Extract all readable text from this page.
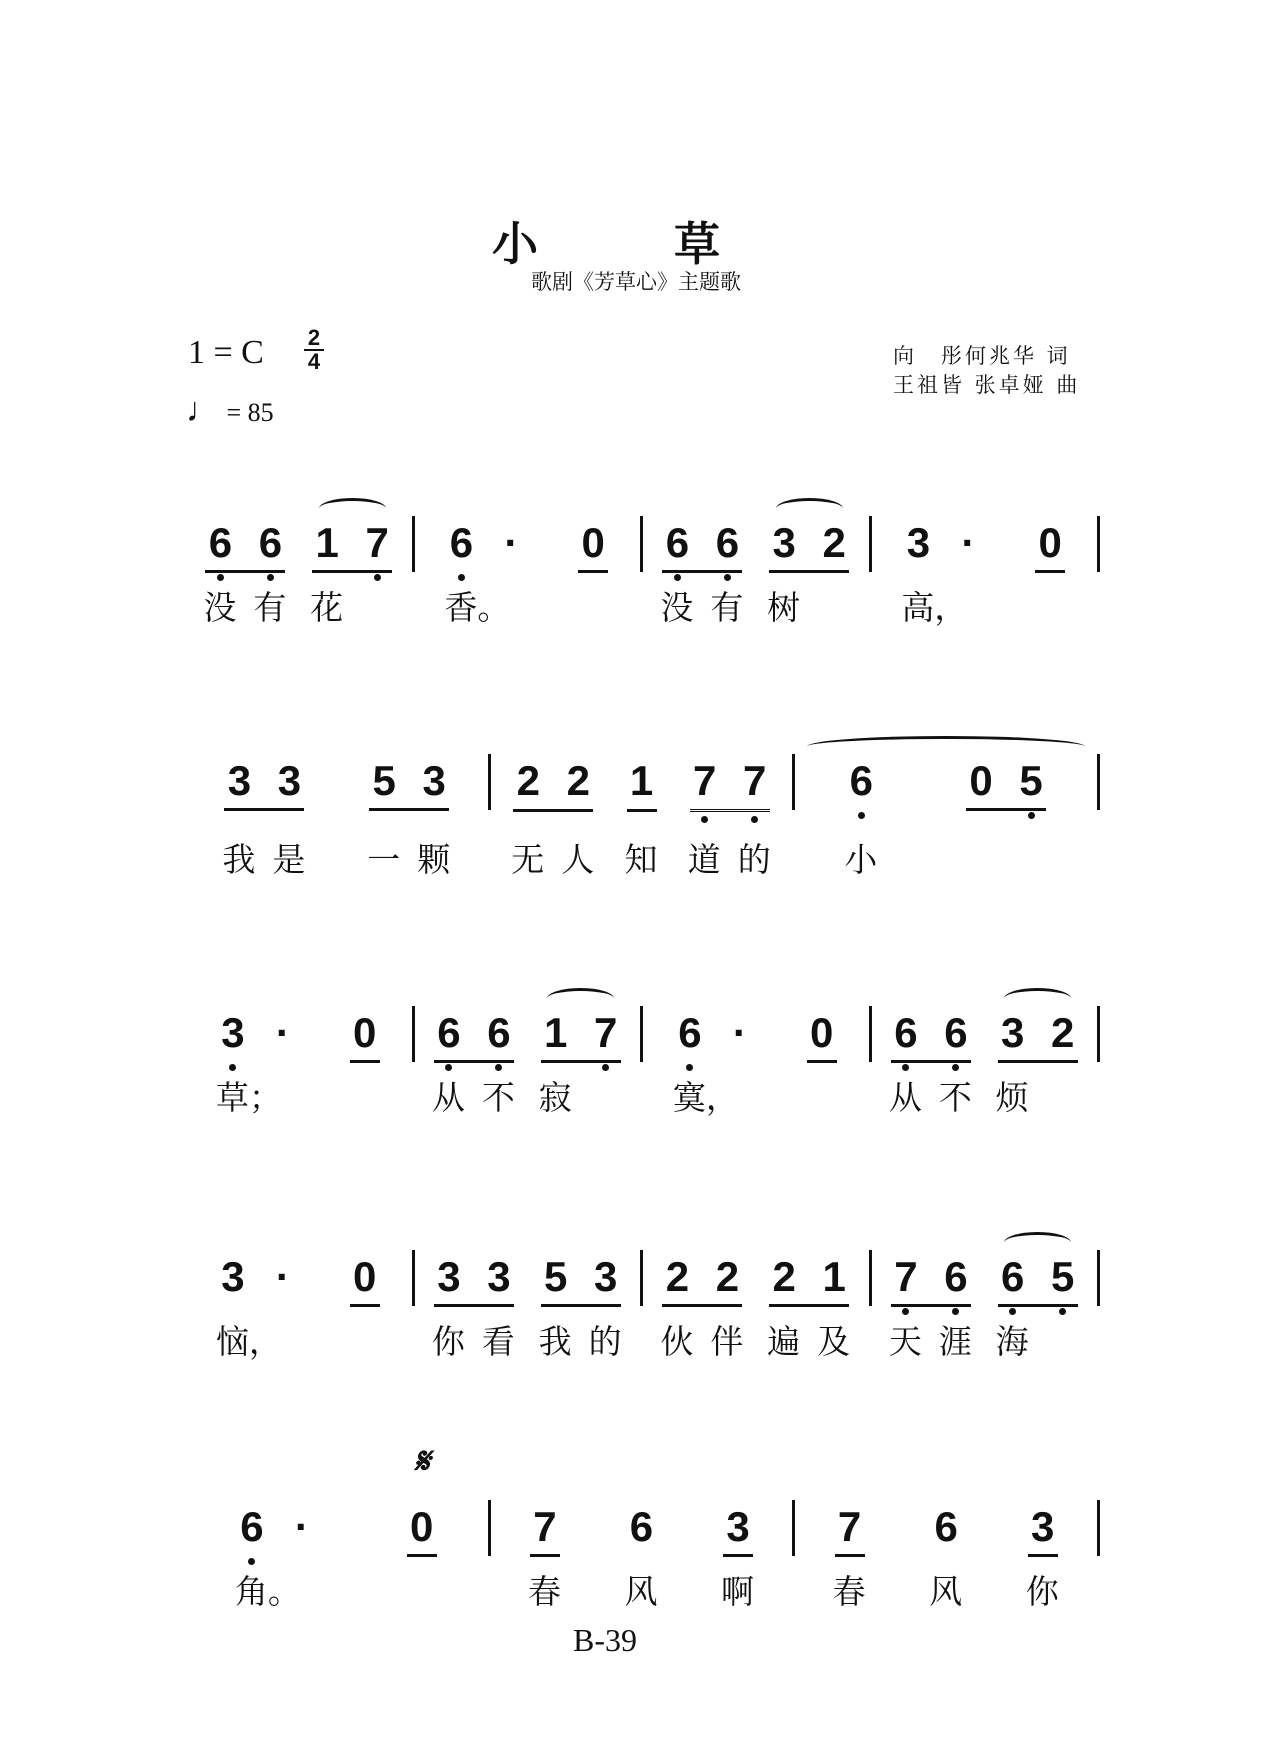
小 草
歌剧《芳草心》主题歌
1 = C 2
4
♩ = 85
向　彤何兆华 词
王祖皆 张卓娅 曲
6
没
6
有
1
花
7 6
香。
· 0 6
没
6
有
3
树
2 3
高，
· 0
3
我
3
是
5
一
3
颗
2
无
2
人
1
知
7
道
7
的
6
小
0 5
3
草；
· 0 6
从
6
不
1
寂
7 6
寞，
· 0 6
从
6
不
3
烦
2
3
恼，
· 0 3
你
3
看
5
我
3
的
2
伙
2
伴
2
遍
1
及
7
天
6
涯
6
海
5
6
角。
· 0 7
春
6
风
3
啊
7
春
6
风
3
你
𝄋
B-39
